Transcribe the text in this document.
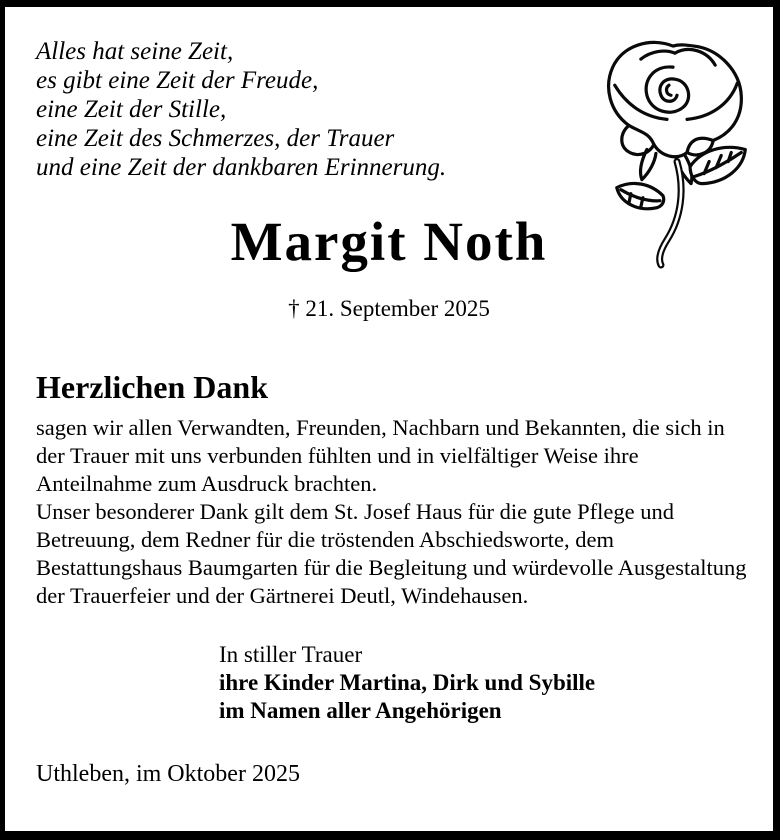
Alles hat seine Zeit,
es gibt eine Zeit der Freude,
eine Zeit der Stille,
eine Zeit des Schmerzes, der Trauer
und eine Zeit der dankbaren Erinnerung.
Margit Noth
† 21. September 2025
Herzlichen Dank

sagen wir allen Verwandten, Freunden, Nachbarn und Bekannten, die sich in der Trauer mit uns verbunden fühlten und in vielfältiger Weise ihre Anteilnahme zum Ausdruck brachten.

Unser besonderer Dank gilt dem St. Josef Haus für die gute Pflege und Betreuung, dem Redner für die tröstenden Abschiedsworte, dem Bestattungshaus Baumgarten für die Begleitung und würdevolle Ausgestaltung der Trauerfeier und der Gärtnerei Deutl, Windehausen.

In stiller Trauer
ihre Kinder Martina, Dirk und Sybille
im Namen aller Angehörigen
Uthleben, im Oktober 2025
